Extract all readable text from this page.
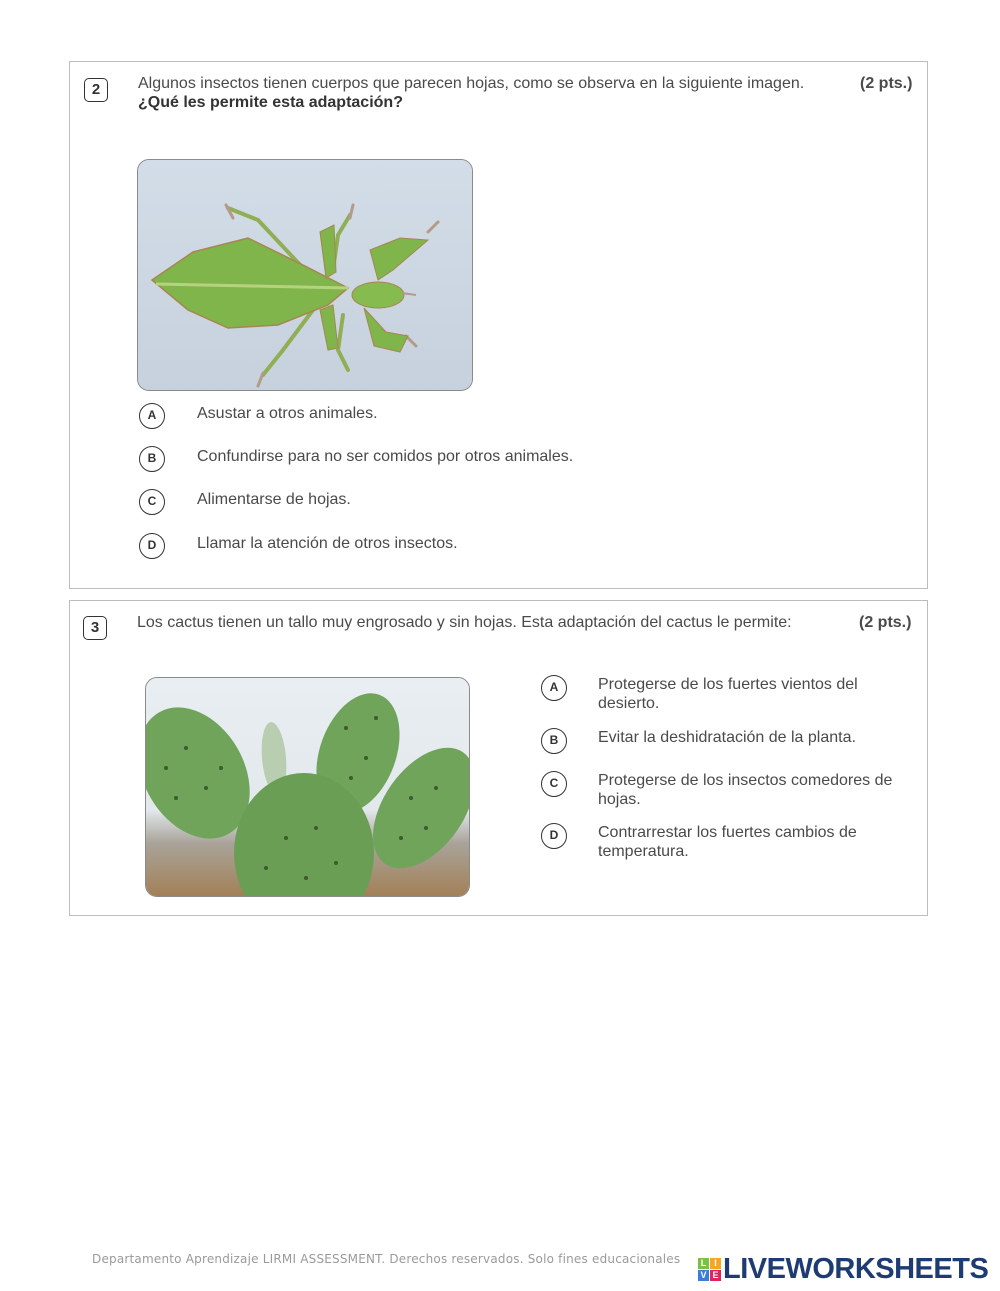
2	Algunos insectos tienen cuerpos que parecen hojas, como se observa en la siguiente imagen.
¿Qué les permite esta adaptación?
(2 pts.)
A	Asustar a otros animales.
B	Confundirse para no ser comidos por otros animales.
C	Alimentarse de hojas.
D	Llamar la atención de otros insectos.
3	Los cactus tienen un tallo muy engrosado y sin hojas. Esta adaptación del cactus le permite:	(2 pts.)
A	Protegerse de los fuertes vientos del desierto.
B	Evitar la deshidratación de la planta.
C	Protegerse de los insectos comedores de hojas.
D	Contrarrestar los fuertes cambios de temperatura.
Departamento Aprendizaje LIRMI ASSESSMENT. Derechos reservados. Solo fines educacionales	L I
V E LIVEWORKSHEETS
